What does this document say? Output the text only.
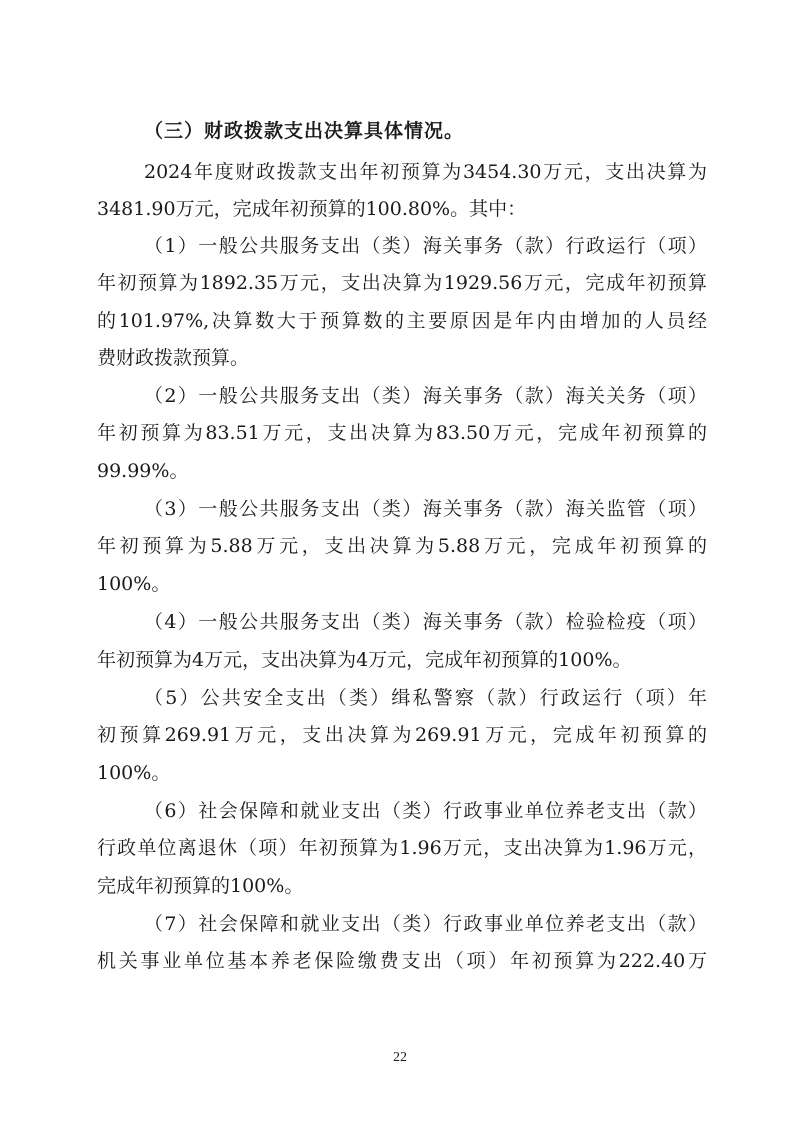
（三）财政拨款支出决算具体情况。
2024年度财政拨款支出年初预算为3454.30万元，支出决算为
3481.90万元，完成年初预算的100.80%。其中：
（1）一般公共服务支出（类）海关事务（款）行政运行（项）
年初预算为1892.35万元，支出决算为1929.56万元，完成年初预算
的101.97%,决算数大于预算数的主要原因是年内由增加的人员经
费财政拨款预算。
（2）一般公共服务支出（类）海关事务（款）海关关务（项）
年初预算为83.51万元，支出决算为83.50万元，完成年初预算的
99.99%。
（3）一般公共服务支出（类）海关事务（款）海关监管（项）
年初预算为5.88万元，支出决算为5.88万元，完成年初预算的
100%。
（4）一般公共服务支出（类）海关事务（款）检验检疫（项）
年初预算为4万元，支出决算为4万元，完成年初预算的100%。
（5）公共安全支出（类）缉私警察（款）行政运行（项）年
初预算269.91万元，支出决算为269.91万元，完成年初预算的
100%。
（6）社会保障和就业支出（类）行政事业单位养老支出（款）
行政单位离退休（项）年初预算为1.96万元，支出决算为1.96万元，
完成年初预算的100%。
（7）社会保障和就业支出（类）行政事业单位养老支出（款）
机关事业单位基本养老保险缴费支出（项）年初预算为222.40万
22
